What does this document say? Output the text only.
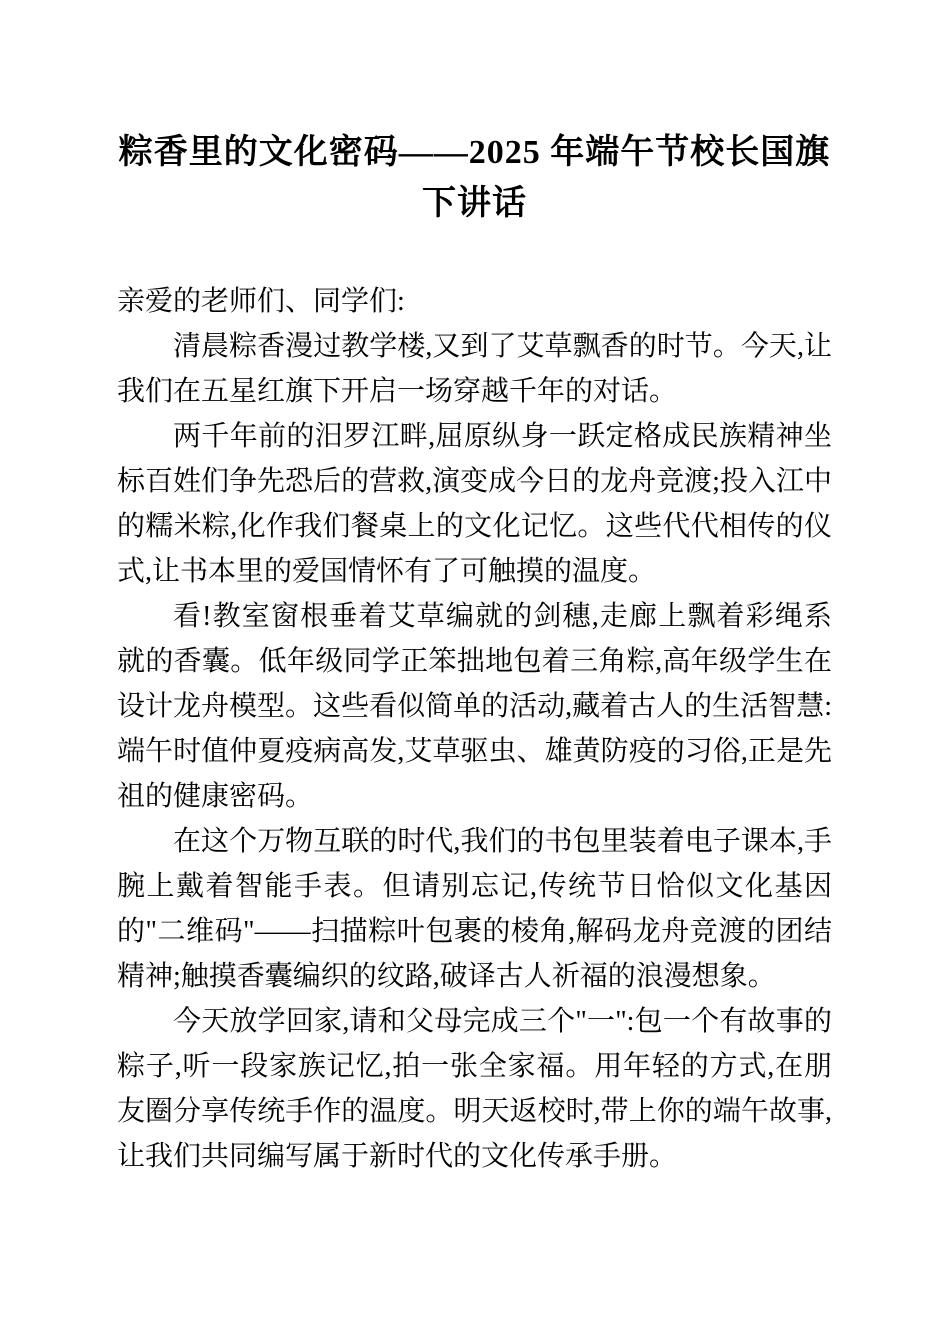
粽香里的文化密码——2025 年端午节校长国旗下讲话

亲爱的老师们、同学们:

清晨粽香漫过教学楼,又到了艾草飘香的时节。今天,让我们在五星红旗下开启一场穿越千年的对话。

两千年前的汨罗江畔,屈原纵身一跃定格成民族精神坐标百姓们争先恐后的营救,演变成今日的龙舟竞渡;投入江中的糯米粽,化作我们餐桌上的文化记忆。这些代代相传的仪式,让书本里的爱国情怀有了可触摸的温度。

看!教室窗根垂着艾草编就的剑穗,走廊上飘着彩绳系就的香囊。低年级同学正笨拙地包着三角粽,高年级学生在设计龙舟模型。这些看似简单的活动,藏着古人的生活智慧:端午时值仲夏疫病高发,艾草驱虫、雄黄防疫的习俗,正是先祖的健康密码。

在这个万物互联的时代,我们的书包里装着电子课本,手腕上戴着智能手表。但请别忘记,传统节日恰似文化基因的"二维码"——扫描粽叶包裹的棱角,解码龙舟竞渡的团结精神;触摸香囊编织的纹路,破译古人祈福的浪漫想象。

今天放学回家,请和父母完成三个"一":包一个有故事的粽子,听一段家族记忆,拍一张全家福。用年轻的方式,在朋友圈分享传统手作的温度。明天返校时,带上你的端午故事,让我们共同编写属于新时代的文化传承手册。
